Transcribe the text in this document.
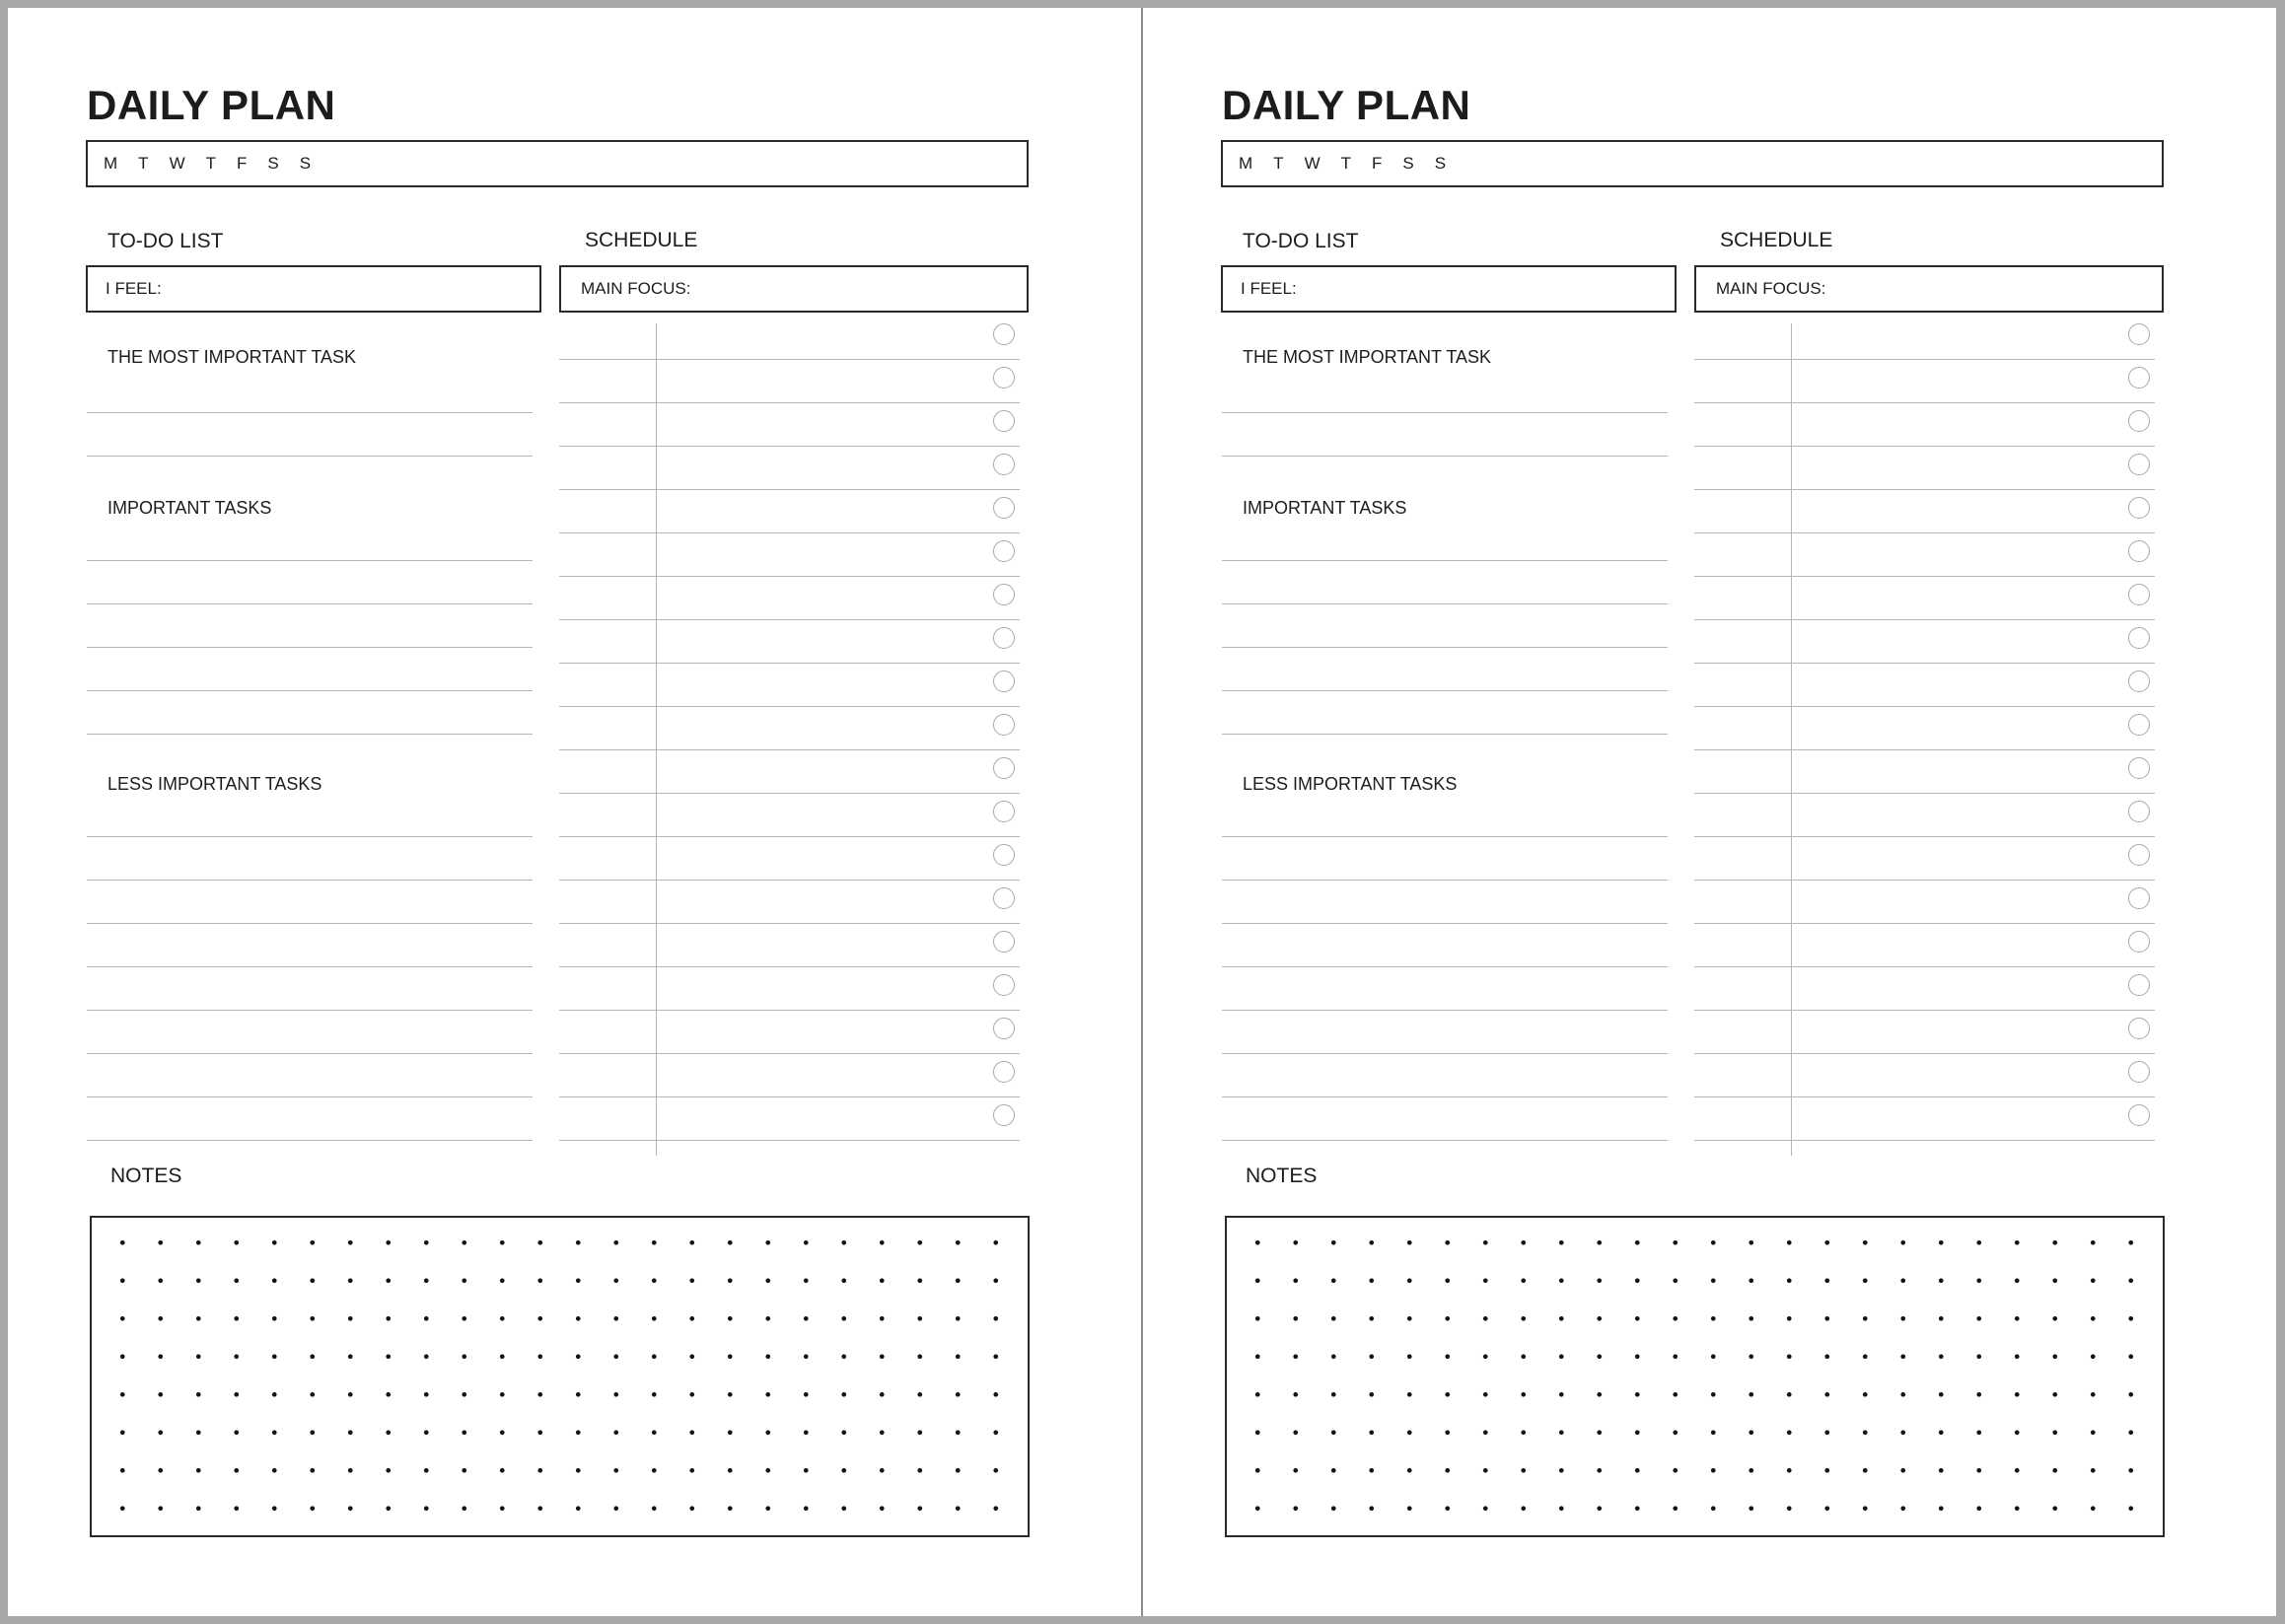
DAILY PLAN
M T W T F S S
TO-DO LIST	SCHEDULE
I FEEL:	MAIN FOCUS:
THE MOST IMPORTANT TASK
IMPORTANT TASKS
LESS IMPORTANT TASKS
NOTES
DAILY PLAN
M T W T F S S
TO-DO LIST	SCHEDULE
I FEEL:	MAIN FOCUS:
THE MOST IMPORTANT TASK
IMPORTANT TASKS
LESS IMPORTANT TASKS
NOTES
